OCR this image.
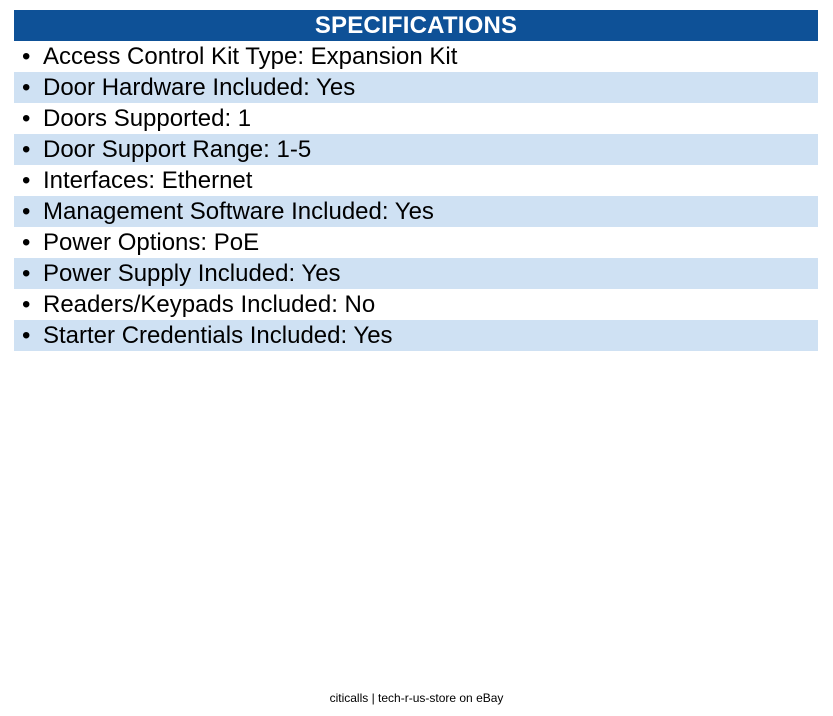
SPECIFICATIONS
• Access Control Kit Type: Expansion Kit
• Door Hardware Included: Yes
• Doors Supported: 1
• Door Support Range: 1-5
• Interfaces: Ethernet
• Management Software Included: Yes
• Power Options: PoE
• Power Supply Included: Yes
• Readers/Keypads Included: No
• Starter Credentials Included: Yes
citicalls | tech-r-us-store on eBay
